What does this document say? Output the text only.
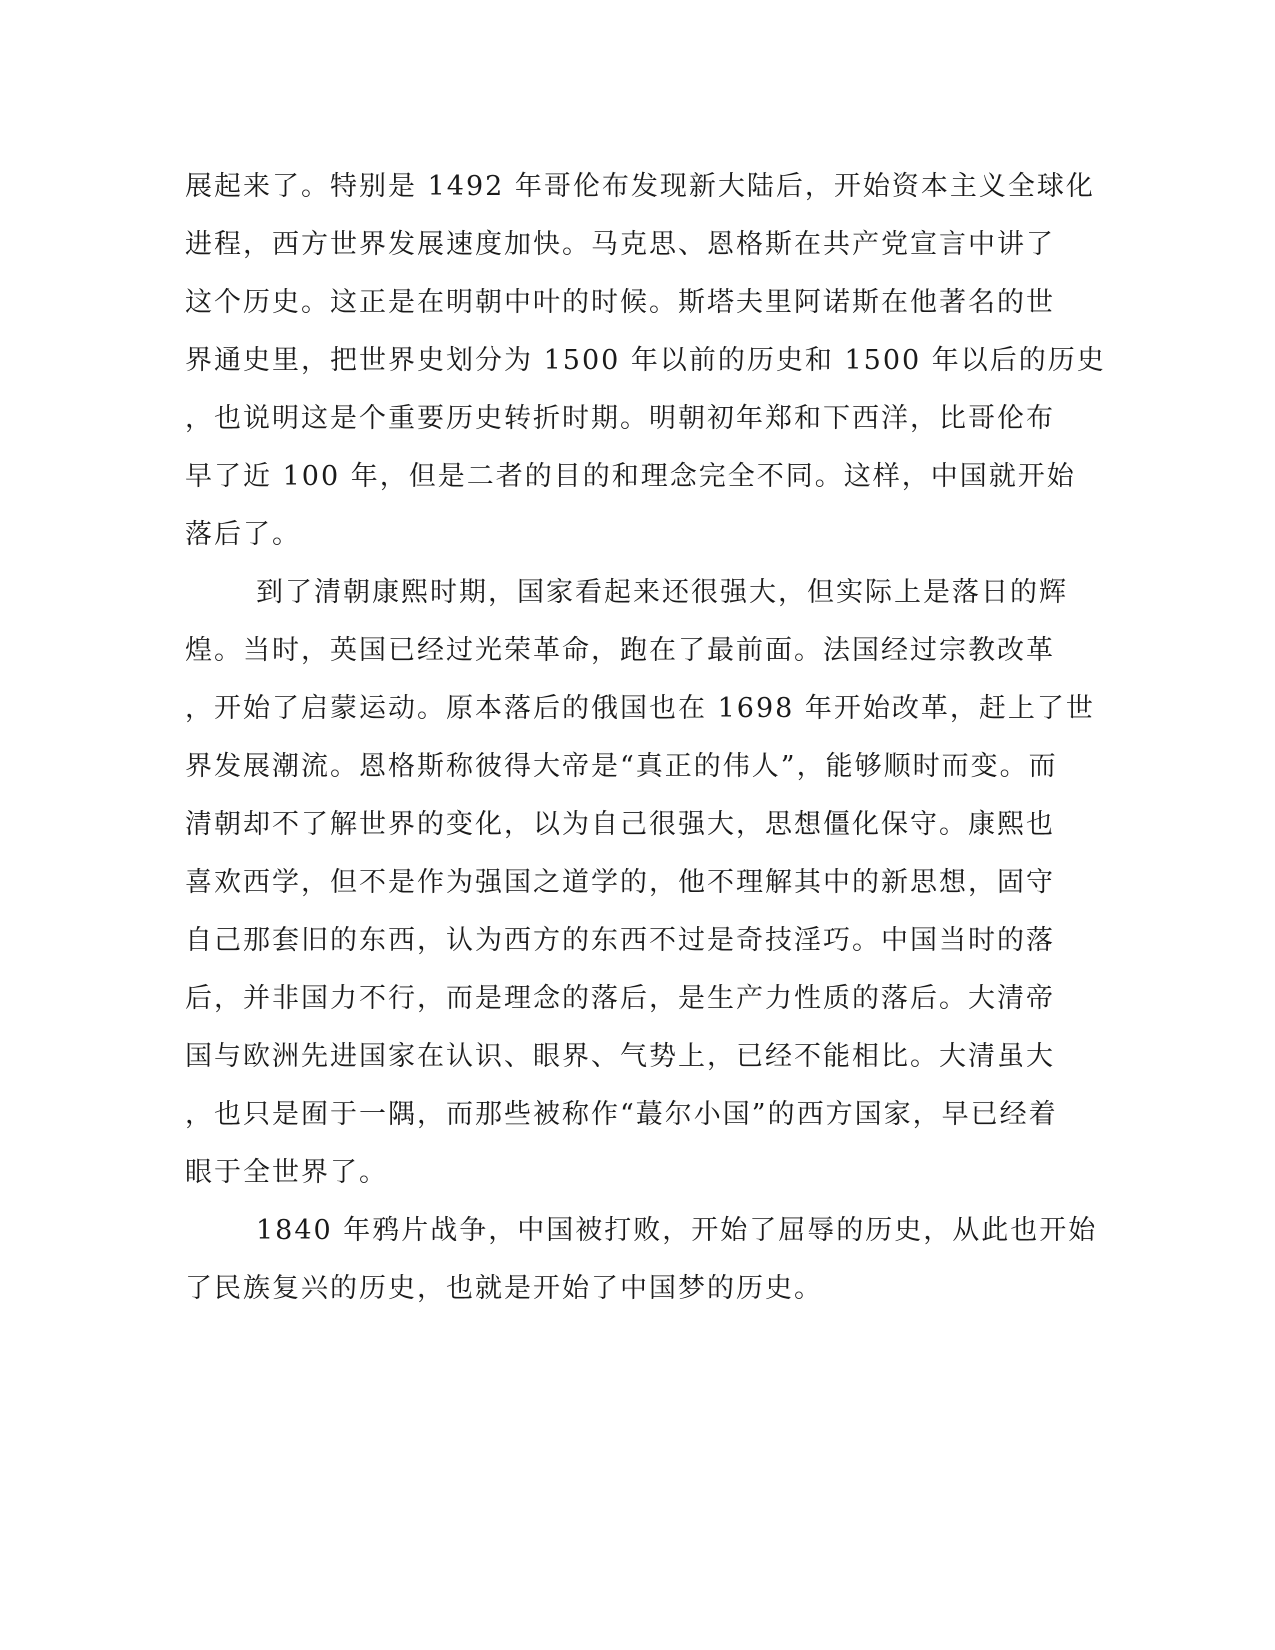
展起来了。特别是 1492 年哥伦布发现新大陆后，开始资本主义全球化
进程，西方世界发展速度加快。马克思、恩格斯在共产党宣言中讲了
这个历史。这正是在明朝中叶的时候。斯塔夫里阿诺斯在他著名的世
界通史里，把世界史划分为 1500 年以前的历史和 1500 年以后的历史
，也说明这是个重要历史转折时期。明朝初年郑和下西洋，比哥伦布
早了近 100 年，但是二者的目的和理念完全不同。这样，中国就开始
落后了。
到了清朝康熙时期，国家看起来还很强大，但实际上是落日的辉
煌。当时，英国已经过光荣革命，跑在了最前面。法国经过宗教改革
，开始了启蒙运动。原本落后的俄国也在 1698 年开始改革，赶上了世
界发展潮流。恩格斯称彼得大帝是“真正的伟人”，能够顺时而变。而
清朝却不了解世界的变化，以为自己很强大，思想僵化保守。康熙也
喜欢西学，但不是作为强国之道学的，他不理解其中的新思想，固守
自己那套旧的东西，认为西方的东西不过是奇技淫巧。中国当时的落
后，并非国力不行，而是理念的落后，是生产力性质的落后。大清帝
国与欧洲先进国家在认识、眼界、气势上，已经不能相比。大清虽大
，也只是囿于一隅，而那些被称作“蕞尔小国”的西方国家，早已经着
眼于全世界了。
1840 年鸦片战争，中国被打败，开始了屈辱的历史，从此也开始
了民族复兴的历史，也就是开始了中国梦的历史。
